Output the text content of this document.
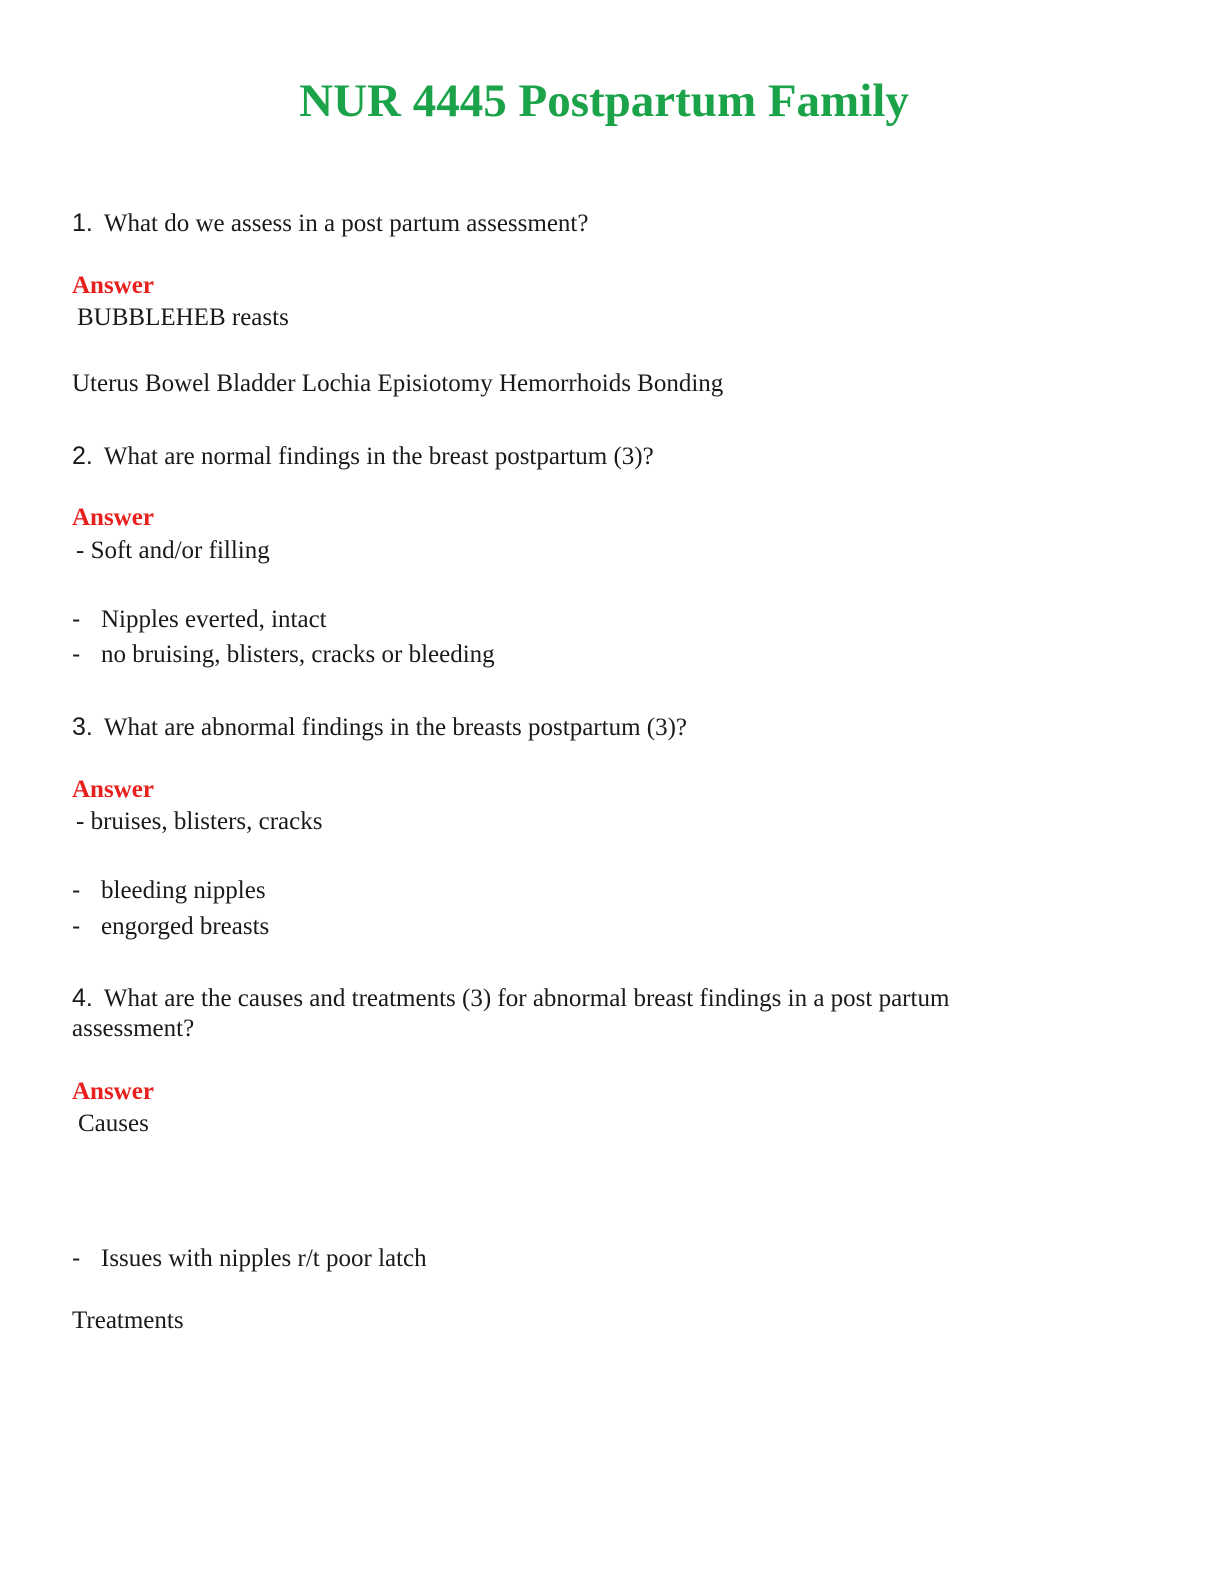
NUR 4445 Postpartum Family
1. What do we assess in a post partum assessment?
Answer
BUBBLEHEB reasts
Uterus Bowel Bladder Lochia Episiotomy Hemorrhoids Bonding
2. What are normal findings in the breast postpartum (3)?
Answer
- Soft and/or filling
- Nipples everted, intact
- no bruising, blisters, cracks or bleeding
3. What are abnormal findings in the breasts postpartum (3)?
Answer
- bruises, blisters, cracks
- bleeding nipples
- engorged breasts
4. What are the causes and treatments (3) for abnormal breast findings in a post partum
assessment?
Answer
Causes
- Issues with nipples r/t poor latch
Treatments
